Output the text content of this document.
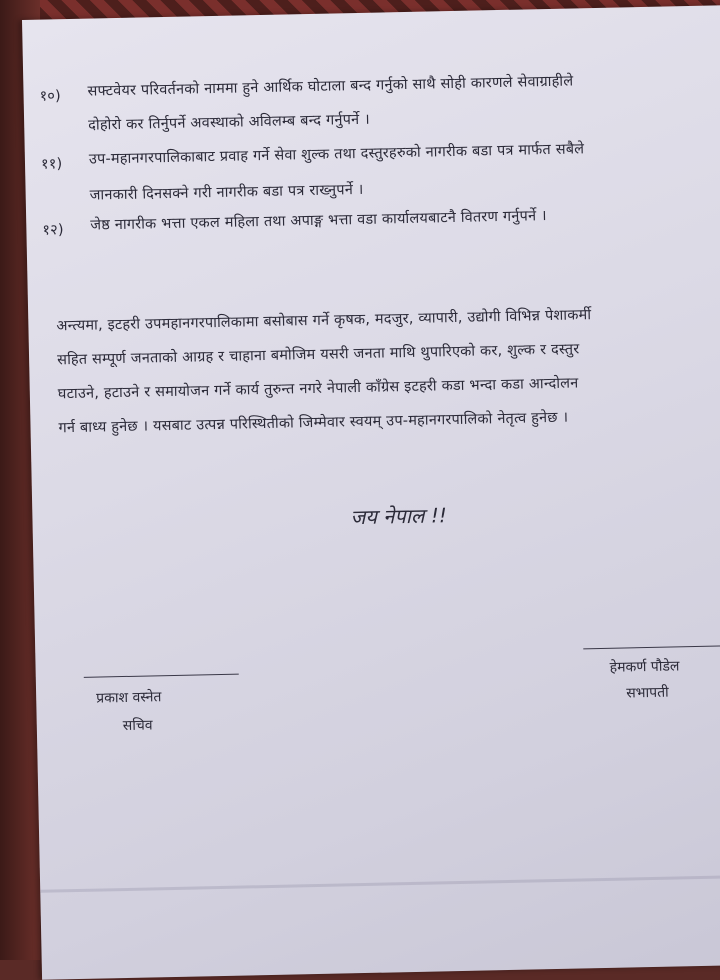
१०) सफ्टवेयर परिवर्तनको नाममा हुने आर्थिक घोटाला बन्द गर्नुको साथै सोही कारणले सेवाग्राहीले
दोहोरो कर तिर्नुपर्ने अवस्थाको अविलम्ब बन्द गर्नुपर्ने ।
११) उप-महानगरपालिकाबाट प्रवाह गर्ने सेवा शुल्क तथा दस्तुरहरुको नागरीक बडा पत्र मार्फत सबैले
जानकारी दिनसक्ने गरी नागरीक बडा पत्र राख्नुपर्ने ।
१२) जेष्ठ नागरीक भत्ता एकल महिला तथा अपाङ्ग भत्ता वडा कार्यालयबाटनै वितरण गर्नुपर्ने ।
अन्त्यमा, इटहरी उपमहानगरपालिकामा बसोबास गर्ने कृषक, मदजुर, व्यापारी, उद्योगी विभिन्न पेशाकर्मी
सहित सम्पूर्ण जनताको आग्रह र चाहाना बमोजिम यसरी जनता माथि थुपारिएको कर, शुल्क र दस्तुर
घटाउने, हटाउने र समायोजन गर्ने कार्य तुरुन्त नगरे नेपाली काँग्रेस इटहरी कडा भन्दा कडा आन्दोलन
गर्न बाध्य हुनेछ । यसबाट उत्पन्न परिस्थितीको जिम्मेवार स्वयम् उप-महानगरपालिको नेतृत्व हुनेछ ।
जय नेपाल !!
प्रकाश वस्नेत
सचिव
हेमकर्ण पौडेल
सभापती
